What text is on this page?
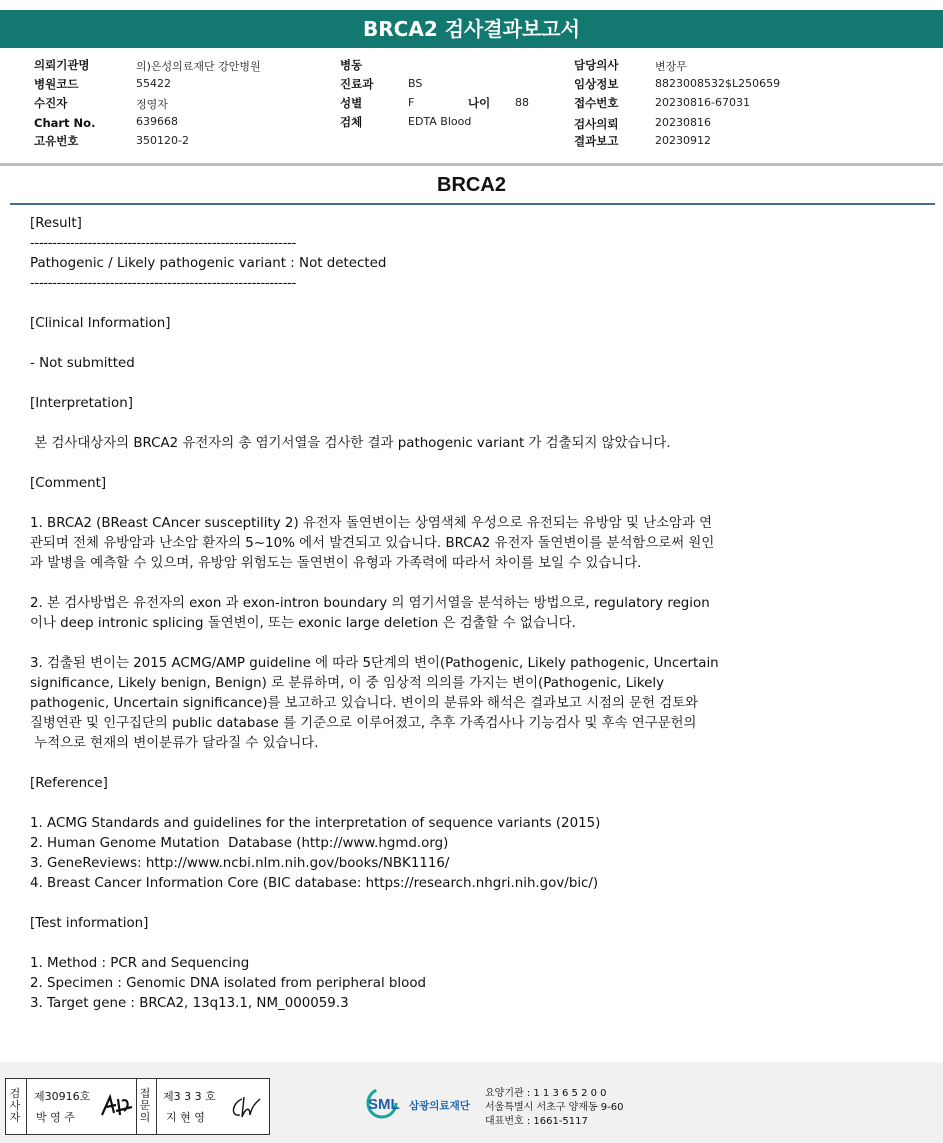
BRCA2 검사결과보고서
의뢰기관명	의)은성의료재단 강안병원
병원코드	55422
수진자	정영자
Chart No.	639668
고유번호	350120-2
병동
진료과	BS
성별	F	나이 88
검체	EDTA Blood
담당의사	변장무
임상정보	8823008532$L250659
접수번호	20230816-67031
검사의뢰	20230816
결과보고	20230912
BRCA2
[Result]
------------------------------------------------------------
Pathogenic / Likely pathogenic variant : Not detected
------------------------------------------------------------
[Clinical Information]
- Not submitted
[Interpretation]
본 검사대상자의 BRCA2 유전자의 총 염기서열을 검사한 결과 pathogenic variant 가 검출되지 않았습니다.
[Comment]
1. BRCA2 (BReast CAncer susceptility 2) 유전자 돌연변이는 상염색체 우성으로 유전되는 유방암 및 난소암과 연
관되며 전체 유방암과 난소암 환자의 5~10% 에서 발견되고 있습니다. BRCA2 유전자 돌연변이를 분석함으로써 원인
과 발병을 예측할 수 있으며, 유방암 위험도는 돌연변이 유형과 가족력에 따라서 차이를 보일 수 있습니다.
2. 본 검사방법은 유전자의 exon 과 exon-intron boundary 의 염기서열을 분석하는 방법으로, regulatory region
이나 deep intronic splicing 돌연변이, 또는 exonic large deletion 은 검출할 수 없습니다.
3. 검출된 변이는 2015 ACMG/AMP guideline 에 따라 5단계의 변이(Pathogenic, Likely pathogenic, Uncertain
significance, Likely benign, Benign) 로 분류하며, 이 중 임상적 의의를 가지는 변이(Pathogenic, Likely
pathogenic, Uncertain significance)를 보고하고 있습니다. 변이의 분류와 해석은 결과보고 시점의 문헌 검토와
질병연관 및 인구집단의 public database 를 기준으로 이루어졌고, 추후 가족검사나 기능검사 및 후속 연구문헌의
누적으로 현재의 변이분류가 달라질 수 있습니다.
[Reference]
1. ACMG Standards and guidelines for the interpretation of sequence variants (2015)
2. Human Genome Mutation  Database (http://www.hgmd.org)
3. GeneReviews: http://www.ncbi.nlm.nih.gov/books/NBK1116/
4. Breast Cancer Information Core (BIC database: https://research.nhgri.nih.gov/bic/)
[Test information]
1. Method : PCR and Sequencing
2. Specimen : Genomic DNA isolated from peripheral blood
3. Target gene : BRCA2, 13q13.1, NM_000059.3
검사자
제30916호
박 영 주
접문의
제3 3 3 호
지 현 영
SML 삼광의료재단
요양기관 : 1 1 3 6 5 2 0 0
서울특별시 서초구 양재동 9-60
대표번호 : 1661-5117
